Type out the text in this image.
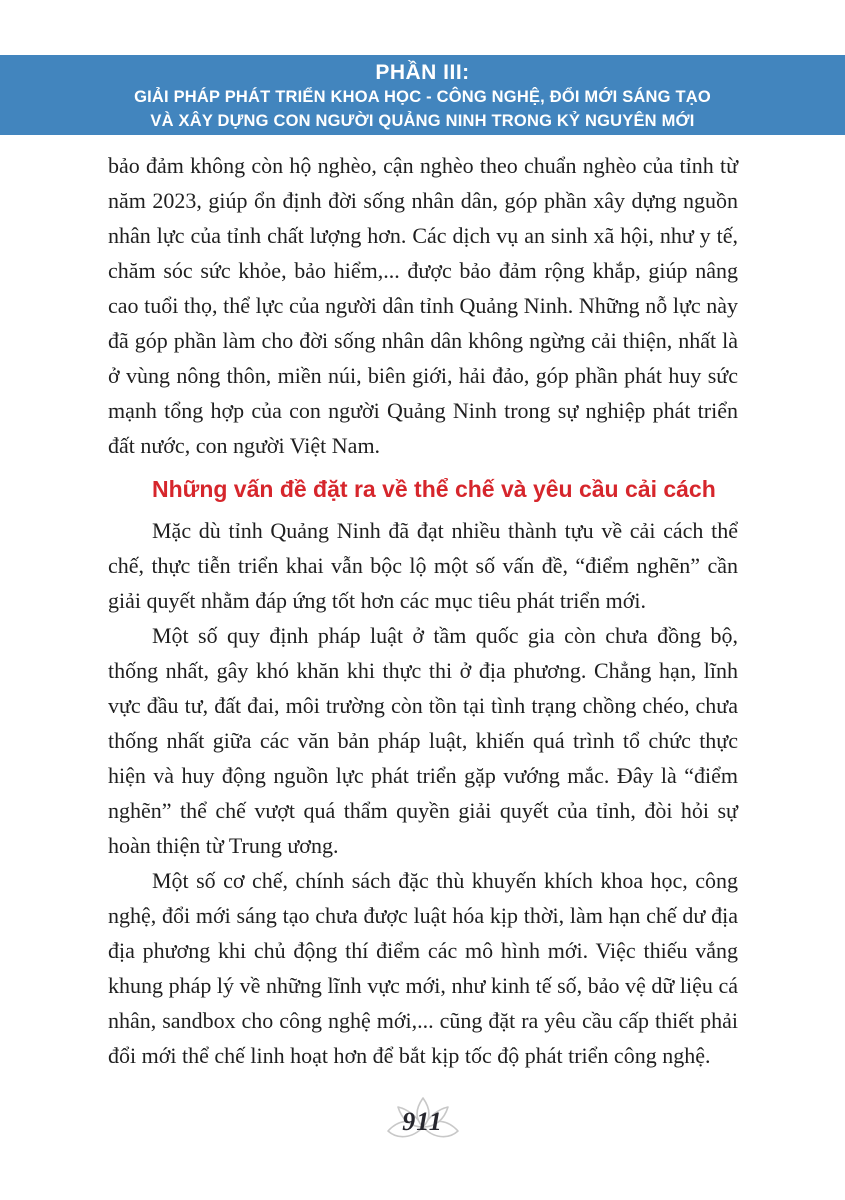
PHẦN III:
GIẢI PHÁP PHÁT TRIỂN KHOA HỌC - CÔNG NGHỆ, ĐỔI MỚI SÁNG TẠO
VÀ XÂY DỰNG CON NGƯỜI QUẢNG NINH TRONG KỶ NGUYÊN MỚI

bảo đảm không còn hộ nghèo, cận nghèo theo chuẩn nghèo của tỉnh từ năm 2023, giúp ổn định đời sống nhân dân, góp phần xây dựng nguồn nhân lực của tỉnh chất lượng hơn. Các dịch vụ an sinh xã hội, như y tế, chăm sóc sức khỏe, bảo hiểm,... được bảo đảm rộng khắp, giúp nâng cao tuổi thọ, thể lực của người dân tỉnh Quảng Ninh. Những nỗ lực này đã góp phần làm cho đời sống nhân dân không ngừng cải thiện, nhất là ở vùng nông thôn, miền núi, biên giới, hải đảo, góp phần phát huy sức mạnh tổng hợp của con người Quảng Ninh trong sự nghiệp phát triển đất nước, con người Việt Nam.

Những vấn đề đặt ra về thể chế và yêu cầu cải cách

Mặc dù tỉnh Quảng Ninh đã đạt nhiều thành tựu về cải cách thể chế, thực tiễn triển khai vẫn bộc lộ một số vấn đề, “điểm nghẽn” cần giải quyết nhằm đáp ứng tốt hơn các mục tiêu phát triển mới.

Một số quy định pháp luật ở tầm quốc gia còn chưa đồng bộ, thống nhất, gây khó khăn khi thực thi ở địa phương. Chẳng hạn, lĩnh vực đầu tư, đất đai, môi trường còn tồn tại tình trạng chồng chéo, chưa thống nhất giữa các văn bản pháp luật, khiến quá trình tổ chức thực hiện và huy động nguồn lực phát triển gặp vướng mắc. Đây là “điểm nghẽn” thể chế vượt quá thẩm quyền giải quyết của tỉnh, đòi hỏi sự hoàn thiện từ Trung ương.

Một số cơ chế, chính sách đặc thù khuyến khích khoa học, công nghệ, đổi mới sáng tạo chưa được luật hóa kịp thời, làm hạn chế dư địa địa phương khi chủ động thí điểm các mô hình mới. Việc thiếu vắng khung pháp lý về những lĩnh vực mới, như kinh tế số, bảo vệ dữ liệu cá nhân, sandbox cho công nghệ mới,... cũng đặt ra yêu cầu cấp thiết phải đổi mới thể chế linh hoạt hơn để bắt kịp tốc độ phát triển công nghệ.

911
